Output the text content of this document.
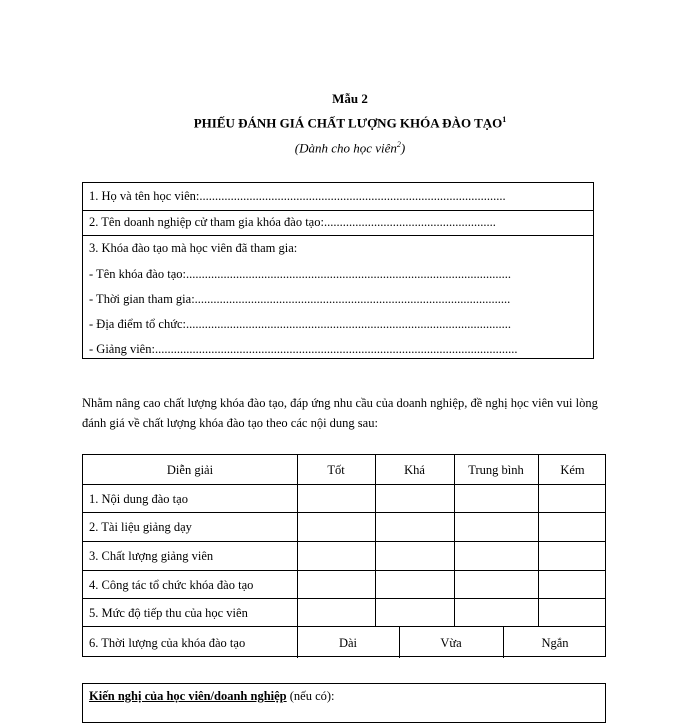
Mẫu 2
PHIẾU ĐÁNH GIÁ CHẤT LƯỢNG KHÓA ĐÀO TẠO$^1$
(Dành cho học viên$^2$)
1. Họ và tên học viên:..................................................................................................
2. Tên doanh nghiệp cử tham gia khóa đào tạo:.......................................................
3. Khóa đào tạo mà học viên đã tham gia:
- Tên khóa đào tạo:........................................................................................................
- Thời gian tham gia:.....................................................................................................
- Địa điểm tổ chức:........................................................................................................
- Giảng viên:....................................................................................................................
Nhằm nâng cao chất lượng khóa đào tạo, đáp ứng nhu cầu của doanh nghiệp, đề nghị học viên vui lòng đánh giá về chất lượng khóa đào tạo theo các nội dung sau:
Diễn giải	Tốt	Khá	Trung bình	Kém
1. Nội dung đào tạo
2. Tài liệu giảng dạy
3. Chất lượng giảng viên
4. Công tác tổ chức khóa đào tạo
5. Mức độ tiếp thu của học viên
6. Thời lượng của khóa đào tạo	Dài	Vừa	Ngắn
Kiến nghị của học viên/doanh nghiệp (nếu có):
